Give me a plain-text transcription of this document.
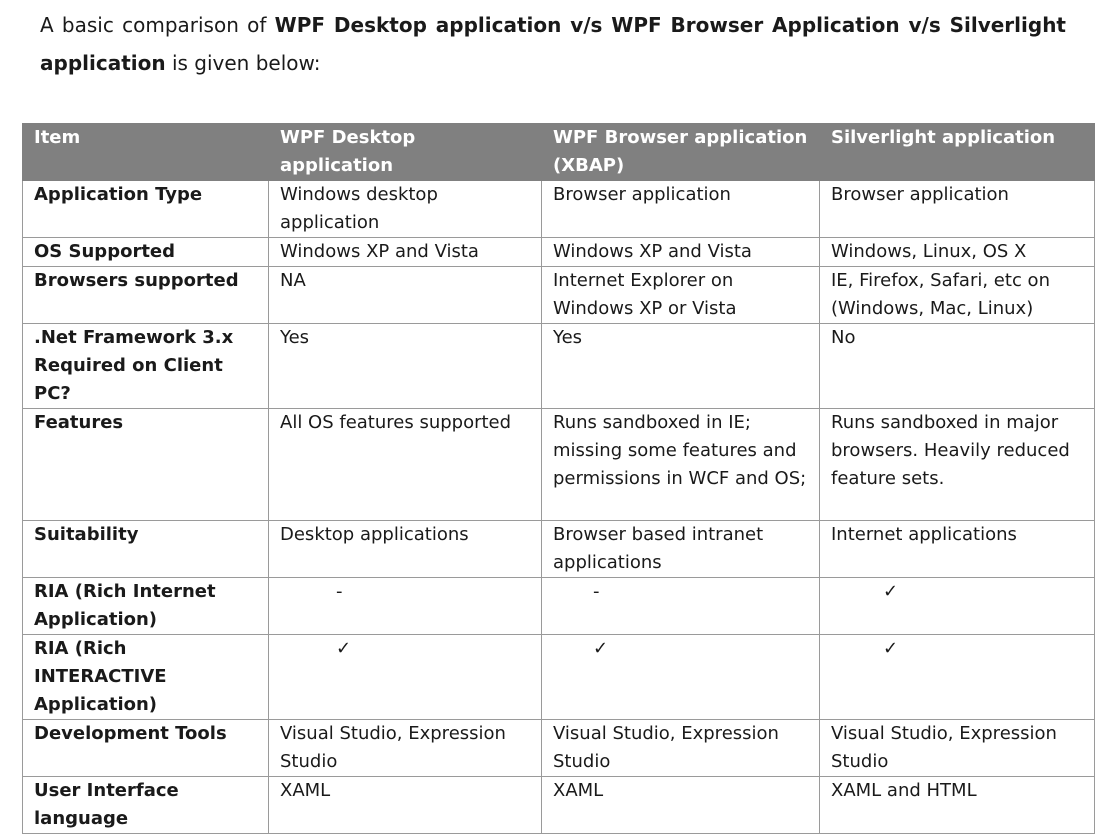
A basic comparison of WPF Desktop application v/s WPF Browser Application v/s Silverlight
application is given below:
Item	WPF Desktop application	WPF Browser application (XBAP)	Silverlight application
Application Type	Windows desktop application	Browser application	Browser application
OS Supported	Windows XP and Vista	Windows XP and Vista	Windows, Linux, OS X
Browsers supported	NA	Internet Explorer on Windows XP or Vista	IE, Firefox, Safari, etc on (Windows, Mac, Linux)
.Net Framework 3.x Required on Client PC?	Yes	Yes	No
Features	All OS features supported	Runs sandboxed in IE; missing some features and permissions in WCF and OS;	Runs sandboxed in major browsers. Heavily reduced feature sets.
Suitability	Desktop applications	Browser based intranet applications	Internet applications
RIA (Rich Internet Application)	-	-	✓
RIA (Rich INTERACTIVE Application)	✓	✓	✓
Development Tools	Visual Studio, Expression Studio	Visual Studio, Expression Studio	Visual Studio, Expression Studio
User Interface language	XAML	XAML	XAML and HTML
